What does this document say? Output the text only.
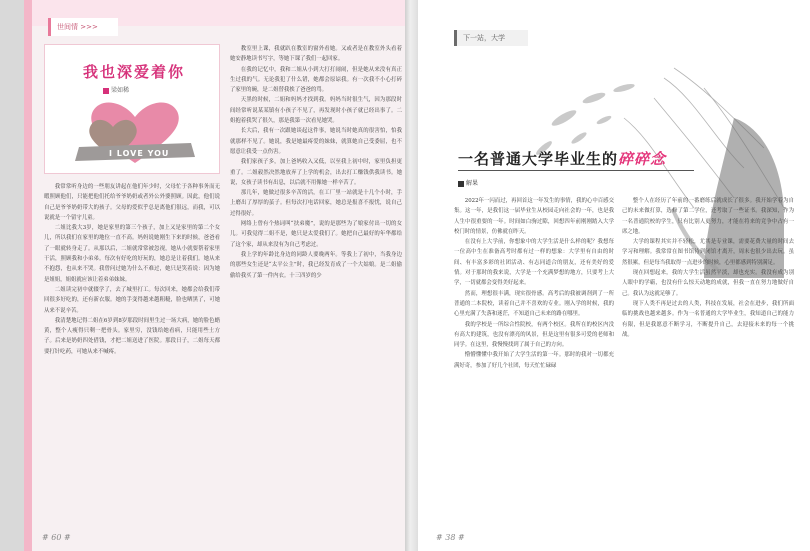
世间情 >>>
我也深爱着你
梁如稀
I LOVE YOU

我常常听身边的一些朋友讲起在他们年少时，父母忙于各种事务而无暇照顾他们，只能把他们托给爷爷奶奶或者外公外婆照顾。因此，他们说自己是爷爷奶奶带大的孩子。父母的爱似乎总是离他们很远，而我，可以说就是一个留守儿童。

二姐比我大3岁，她是家里的第三个孩子，加上又是家里的第二个女儿，所以我们在家里的地位一直不高。妈妈说她刚生下来的时候，爸爸看了一眼就转身走了。从那以后，二姐就常常被忽视，她从小就要帮着家里干活，照顾我和小弟弟。每次有好吃的好玩的，她总是让着我们。她从来不抱怨，也从来不哭。我曾问过她为什么不难过，她只是笑着说：因为她是姐姐，姐姐就应该让着弟弟妹妹。

二姐读完初中就辍学了，去了城里打工。每次回来，她都会给我们带回很多好吃的，还有新衣服。她的手变得越来越粗糙，脸也晒黑了，可她从来不说辛苦。

我清楚地记得二姐在6岁到8岁那段时间里生过一场大病，她的脸色蜡黄，整个人瘦得只剩一把骨头。家里穷，没钱给她看病，只能用些土方子。后来是奶奶四处借钱，才把二姐送进了医院。那段日子，二姐每天都要打针吃药，可她从来不喊疼。

教室里上课，我就趴在教室的窗外看她。又或者是在教室外头看着她安静地读书写字，等她下课了我们一起回家。

在我的记忆中，我和二姐从小到大打打闹闹，但是她从来没有真正生过我的气。无论我犯了什么错，她都会原谅我。有一次我不小心打碎了家里的碗，是二姐替我挨了爸爸的骂。

天黑的时候，二姐和妈妈才找到我。妈妈当时很生气，因为那段时间经常听说某某镇有小孩子不见了，再发现时小孩子就已经出事了。二姐抱着我哭了很久，那是我第一次看见她哭。

长大后，我有一次跟她谈起这件事，她说当时她真的很害怕，怕我就那样不见了。她说，我是她最疼爱的妹妹，就算她自己受委屈，也不愿意让我受一点伤害。

我们家孩子多，加上爸妈收入又低，以至我上初中时，家里负担更重了。二姐毅然决然地放弃了上学的机会，出去打工赚钱供我读书。她说，女孩子读书有出息，以后就不用像她一样辛苦了。

那几年，她做过很多辛苦的活，在工厂里一站就是十几个小时，手上磨出了厚厚的茧子。但每次打电话回家，她总是报喜不报忧，说自己过得很好。

网络上曾有个热词叫“扶弟魔”，说的是那些为了娘家付出一切的女儿。可我觉得二姐不是，她只是太爱我们了。她把自己最好的年华都给了这个家，却从来没有为自己考虑过。

我上学的年龄比身边的同龄人要晚两年。等我上了初中，当我身边的那些女生还是“太平公主”时，我已经发育成了一个大姑娘。是二姐偷偷给我买了第一件内衣。十三四岁的少

# 60 #
下一站，大学
一名普通大学毕业生的碎碎念
解果

2022年一闪而过，再回首这一年发生的事情，我的心中百感交集。这一年，是我们这一届毕业生从校园走向社会的一年，也是我人生中很重要的一年。时间如白驹过隙，回想四年前刚刚踏入大学校门时的情景，仿佛就在昨天。

在没有上大学前，你想象中的大学生活是什么样的呢？我想每一位高中生在准备高考时都有过一样的想象：大学里有自由的时间、有丰富多彩的社团活动、有志同道合的朋友，还有美好的爱情。对于那时的我来说，大学是一个充满梦想的地方，只要考上大学，一切就都会变得美好起来。

然而，理想很丰满，现实很骨感。高考后的我被调剂到了一所普通的二本院校，读着自己并不喜欢的专业。刚入学的时候，我的心里充满了失落和迷茫，不知道自己未来的路在哪里。

我的学校是一所综合性院校，有两个校区。我所在的校区内没有高大的建筑，也没有漂亮的风景，但是这里有很多可爱的老师和同学。在这里，我慢慢找到了属于自己的方向。

懵懵懂懂中我开始了大学生活的第一年。那时的我对一切都充满好奇，参加了好几个社团，每天忙忙碌碌

整个人在经历了年前的一番磨练后就成长了很多。我开始学着为自己的未来做打算，选修了第二学位，还考取了一些证书。我深知，作为一名普通院校的学生，只有比别人更努力，才能在将来的竞争中占有一席之地。

大学的课程其实并不轻松，尤其是专业课，需要花费大量的时间去学习和理解。我常常在图书馆待到闭馆才离开，周末也很少出去玩。虽然很累，但是每当我取得一点进步的时候，心里都感到特别满足。

现在回想起来，我的大学生活虽然平淡，却也充实。我没有成为别人眼中的学霸，也没有什么惊天动地的成就，但我一直在努力地做好自己。我认为这就足够了。

现下人类不再是过去的人类，科技在发展，社会在进步，我们所面临的挑战也越来越多。作为一名普通的大学毕业生，我知道自己的能力有限，但是我愿意不断学习，不断提升自己，去迎接未来的每一个挑战。

# 38 #
